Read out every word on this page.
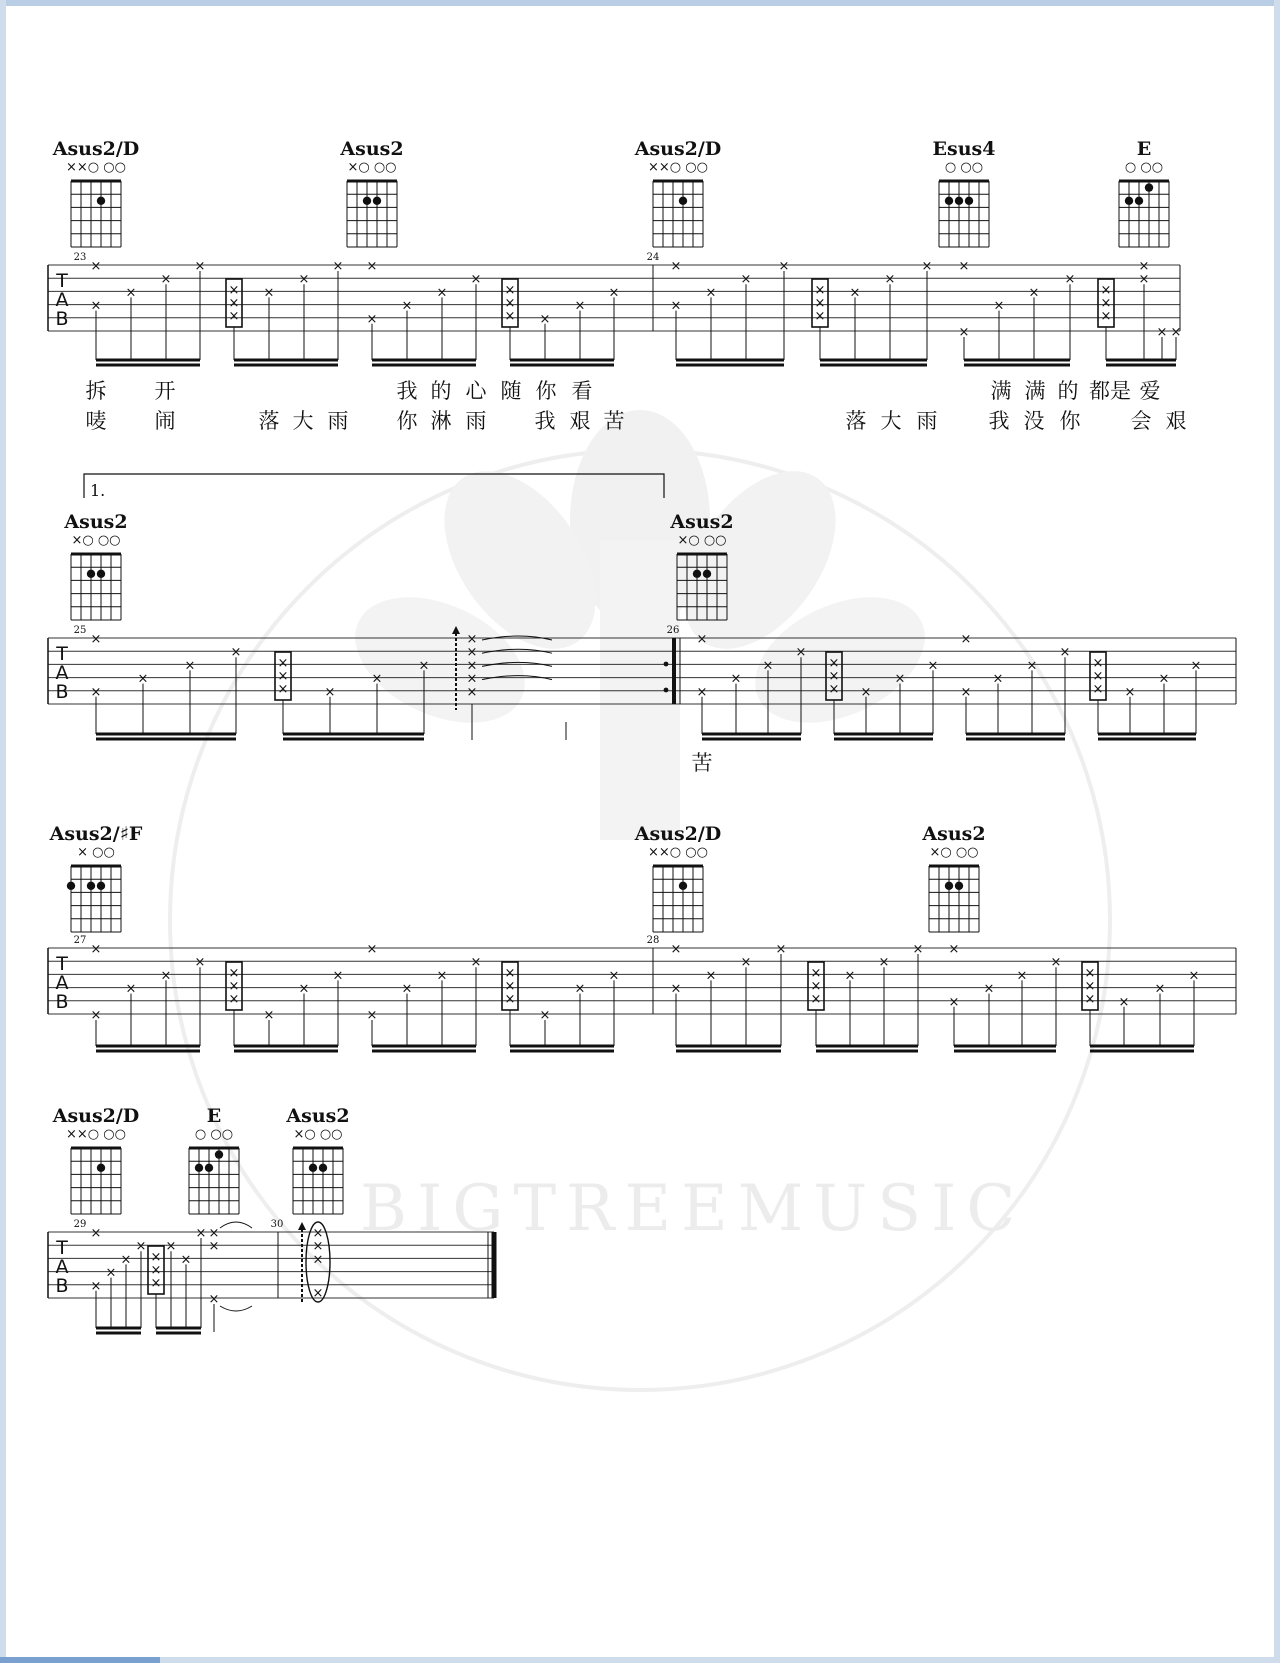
BIGTREEMUSIC
Asus2/D
××○ ○○
Asus2
×○ ○○
Asus2/D
××○ ○○
Esus4
○ ○○
E
○ ○○
T
A
B
23	24
×
×
×
×
×
×
×
×
×
×
× ×
×
×
×
×
×
×
× ×
×
×
×
×
×
×
×
×
×
×
×
×
× ×
×
×
×
×
×
×
×
×
×
× ×
拆 开	我 的 心 随 你 看	满 满 的 都是 爱
唛 闹	落 大 雨 你 淋 雨 我 艰 苦	落 大 雨 我 没 你 会 艰
1.
Asus2
×○ ○○
Asus2
×○ ○○
T
A
B
25	26
×
×
×
×
×
×
×
×	×
×
×
×
×
×
×
×
×
×
×
×
×
×
×
× ×
×
×
×
×
×
×
×
×
×
× ×
×
×
苦
Asus2/♯F
× ○○
Asus2/D
××○ ○○
Asus2
×○ ○○
T
A
B
27	28
×
×
×
×
×
×
×
×
×
×
×
×
×
×
×
×
×
×
×
×
×
×
×
×
×
×
×
×
×
×
×
×
× ×
×
×
×
×
×
×
× ×
×
×
Asus2/D
××○ ○○
E
○ ○○
Asus2
×○ ○○
T
A
B
29	30
×
×
×
×
×
×
×
×
×
×
× ×
×
×
×
×
×
×
